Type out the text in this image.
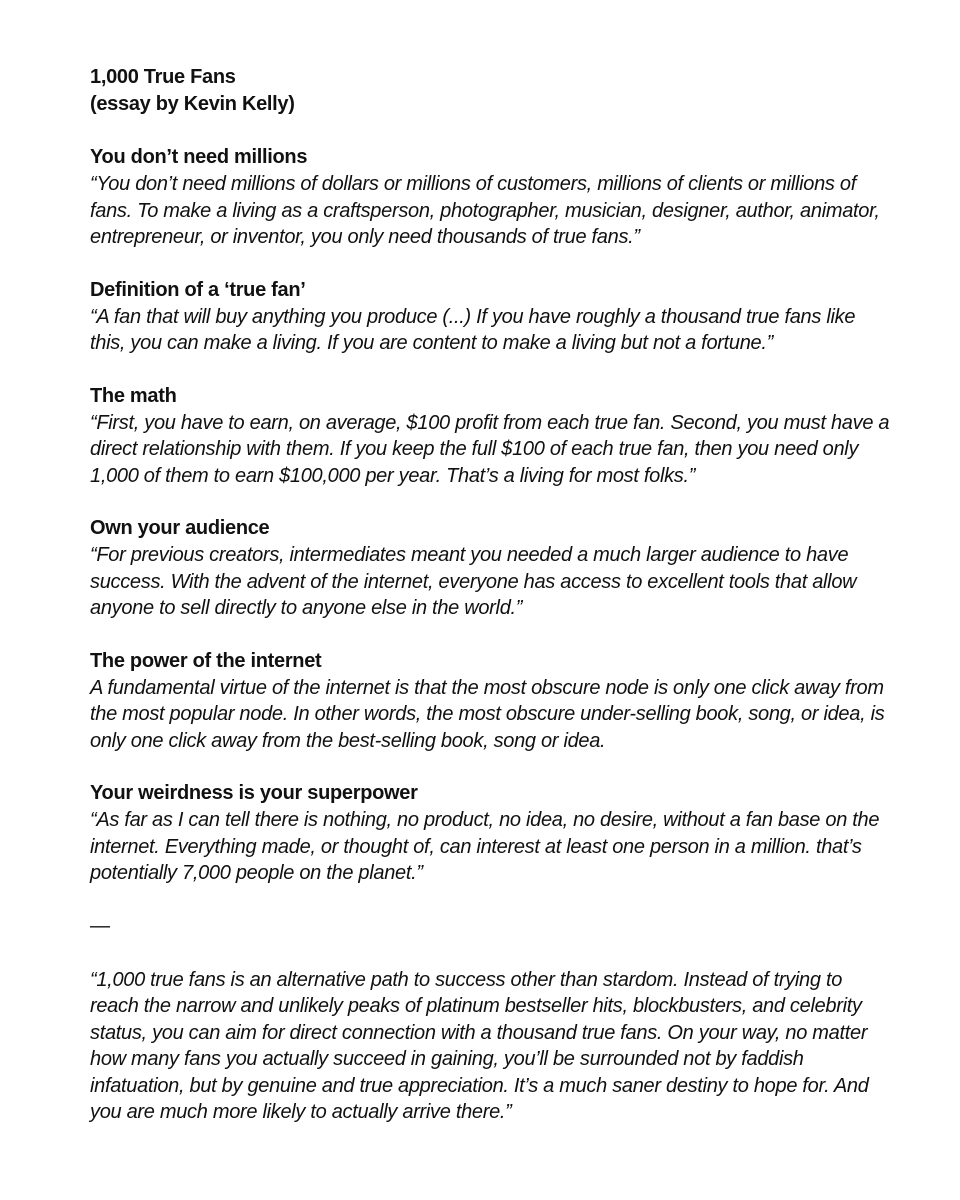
1,000 True Fans
(essay by Kevin Kelly)
You don’t need millions
“You don’t need millions of dollars or millions of customers, millions of clients or millions of fans. To make a living as a craftsperson, photographer, musician, designer, author, animator, entrepreneur, or inventor, you only need thousands of true fans.”
Definition of a ‘true fan’
“A fan that will buy anything you produce (...) If you have roughly a thousand true fans like this, you can make a living. If you are content to make a living but not a fortune.”
The math
“First, you have to earn, on average, $100 profit from each true fan. Second, you must have a direct relationship with them. If you keep the full $100 of each true fan, then you need only 1,000 of them to earn $100,000 per year. That’s a living for most folks.”
Own your audience
“For previous creators, intermediates meant you needed a much larger audience to have success. With the advent of the internet, everyone has access to excellent tools that allow anyone to sell directly to anyone else in the world.”
The power of the internet
A fundamental virtue of the internet is that the most obscure node is only one click away from the most popular node. In other words, the most obscure under-selling book, song, or idea, is only one click away from the best-selling book, song or idea.
Your weirdness is your superpower
“As far as I can tell there is nothing, no product, no idea, no desire, without a fan base on the internet. Everything made, or thought of, can interest at least one person in a million. that’s potentially 7,000 people on the planet.”
—
“1,000 true fans is an alternative path to success other than stardom. Instead of trying to reach the narrow and unlikely peaks of platinum bestseller hits, blockbusters, and celebrity status, you can aim for direct connection with a thousand true fans. On your way, no matter how many fans you actually succeed in gaining, you’ll be surrounded not by faddish infatuation, but by genuine and true appreciation. It’s a much saner destiny to hope for. And you are much more likely to actually arrive there.”
